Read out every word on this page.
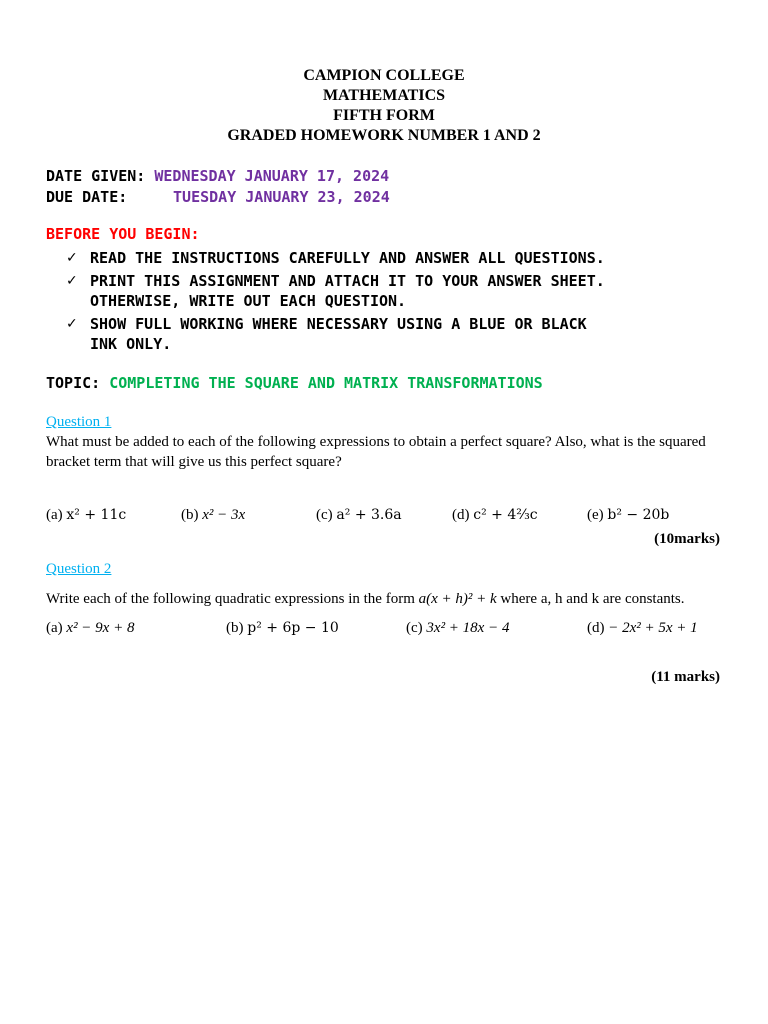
CAMPION COLLEGE
MATHEMATICS
FIFTH FORM
GRADED HOMEWORK NUMBER 1 AND 2
DATE GIVEN: WEDNESDAY JANUARY 17, 2024
DUE DATE:	TUESDAY JANUARY 23, 2024
BEFORE YOU BEGIN:
✓ READ THE INSTRUCTIONS CAREFULLY AND ANSWER ALL QUESTIONS.
✓ PRINT THIS ASSIGNMENT AND ATTACH IT TO YOUR ANSWER SHEET.
OTHERWISE, WRITE OUT EACH QUESTION.
✓ SHOW FULL WORKING WHERE NECESSARY USING A BLUE OR BLACK
INK ONLY.
TOPIC: COMPLETING THE SQUARE AND MATRIX TRANSFORMATIONS
Question 1
What must be added to each of the following expressions to obtain a perfect square? Also, what is the squared bracket term that will give us this perfect square?
(a) x² + 11c	(b) x² − 3x	(c) a² + 3.6a	(d) c² + 4⅔c	(e) b² − 20b
(10marks)
Question 2
Write each of the following quadratic expressions in the form a(x + h)² + k where a, h and k are constants.
(a) x² − 9x + 8	(b) p² + 6p − 10	(c) 3x² + 18x − 4	(d) − 2x² + 5x + 1
(11 marks)
